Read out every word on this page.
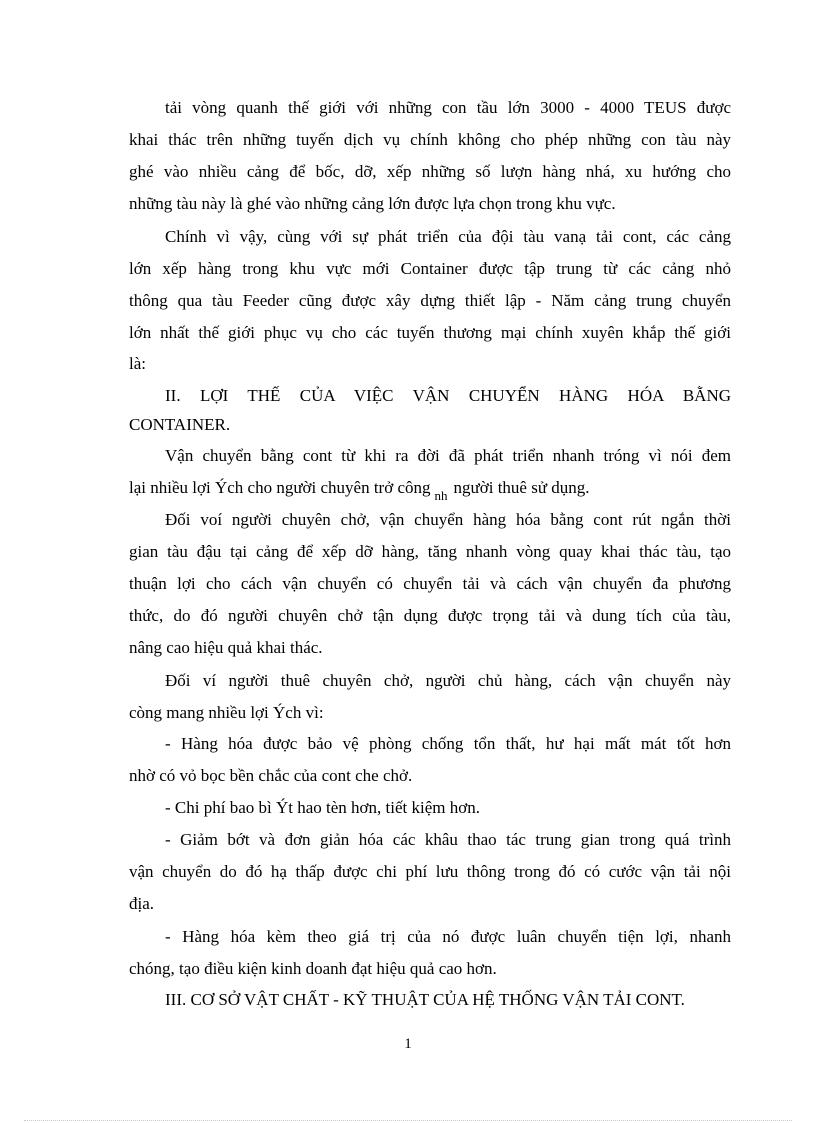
tải vòng quanh thế giới với những con tầu lớn 3000 - 4000 TEUS được
khai thác trên những tuyến dịch vụ chính không cho phép những con tàu này
ghé vào nhiều cảng để bốc, dỡ, xếp những số lượn hàng nhá, xu hướng cho
những tàu này là ghé vào những cảng lớn được lựa chọn trong khu vực.
Chính vì vậy, cùng với sự phát triển của đội tàu vanạ tải cont, các cảng
lớn xếp hàng trong khu vực mới Container được tập trung từ các cảng nhỏ
thông qua tàu Feeder cũng được xây dựng thiết lập - Năm cảng trung chuyển
lớn nhất thế giới phục vụ cho các tuyến thương mại chính xuyên khắp thế giới
là:
II. LỢI THẾ CỦA VIỆC VẬN CHUYỂN HÀNG HÓA BẰNG
CONTAINER.
Vận chuyển bằng cont từ khi ra đời đã phát triển nhanh tróng vì nói đem
lại nhiều lợi Ých cho người chuyên trở công $_{nh}$ người thuê sử dụng.
Đối voí người chuyên chở, vận chuyển hàng hóa bằng cont rút ngắn thời
gian tàu đậu tại cảng để xếp dỡ hàng, tăng nhanh vòng quay khai thác tàu, tạo
thuận lợi cho cách vận chuyển có chuyển tải và cách vận chuyển đa phương
thức, do đó người chuyên chở tận dụng được trọng tải và dung tích của tàu,
nâng cao hiệu quả khai thác.
Đối ví người thuê chuyên chở, người chủ hàng, cách vận chuyển này
còng mang nhiều lợi Ých vì:
- Hàng hóa được bảo vệ phòng chống tổn thất, hư hại mất mát tốt hơn
nhờ có vỏ bọc bền chắc của cont che chở.
- Chi phí bao bì Ýt hao tèn hơn, tiết kiệm hơn.
- Giảm bớt và đơn giản hóa các khâu thao tác trung gian trong quá trình
vận chuyển do đó hạ thấp được chi phí lưu thông trong đó có cước vận tải nội
địa.
- Hàng hóa kèm theo giá trị của nó được luân chuyển tiện lợi, nhanh
chóng, tạo điều kiện kinh doanh đạt hiệu quả cao hơn.
III. CƠ SỞ VẬT CHẤT - KỸ THUẬT CỦA HỆ THỐNG VẬN TẢI CONT.
1
